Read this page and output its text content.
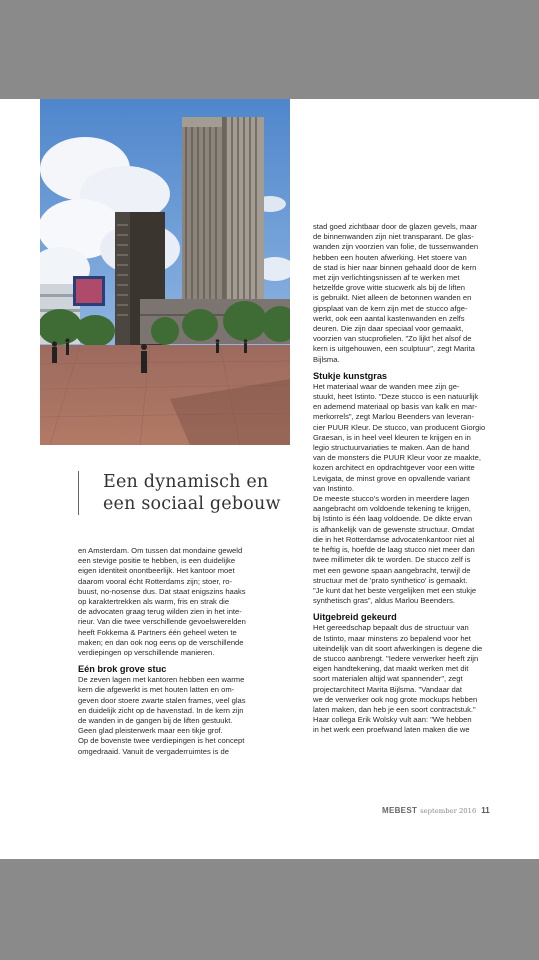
Een dynamisch en
een sociaal gebouw

en Amsterdam. Om tussen dat mondaine geweld

een stevige positie te hebben, is een duidelijke

eigen identiteit onontbeerlijk. Het kantoor moet

daarom vooral écht Rotterdams zijn; stoer, ro-

buust, no-nosense dus. Dat staat enigszins haaks

op karaktertrekken als warm, fris en strak die

de advocaten graag terug wilden zien in het inte-

rieur. Van die twee verschillende gevoelswerelden

heeft Fokkema & Partners één geheel weten te

maken; en dan ook nog eens op de verschillende

verdiepingen op verschillende manieren.

Eén brok grove stuc

De zeven lagen met kantoren hebben een warme

kern die afgewerkt is met houten latten en om-

geven door stoere zwarte stalen frames, veel glas

en duidelijk zicht op de havenstad. In de kern zijn

de wanden in de gangen bij de liften gestuukt.

Geen glad pleisterwerk maar een tikje grof.

Op de bovenste twee verdiepingen is het concept

omgedraaid. Vanuit de vergaderruimtes is de

stad goed zichtbaar door de glazen gevels, maar

de binnenwanden zijn niet transparant. De glas-

wanden zijn voorzien van folie, de tussenwanden

hebben een houten afwerking. Het stoere van

de stad is hier naar binnen gehaald door de kern

met zijn verlichtingsnissen af te werken met

hetzelfde grove witte stucwerk als bij de liften

is gebruikt. Niet alleen de betonnen wanden en

gipsplaat van de kern zijn met de stucco afge-

werkt, ook een aantal kastenwanden en zelfs

deuren. Die zijn daar speciaal voor gemaakt,

voorzien van stucprofielen. "Zo lijkt het alsof de

kern is uitgehouwen, een sculptuur", zegt Marita

Bijlsma.

Stukje kunstgras

Het materiaal waar de wanden mee zijn ge-

stuukt, heet Istinto. "Deze stucco is een natuurlijk

en ademend materiaal op basis van kalk en mar-

merkorrels", zegt Marlou Beenders van leveran-

cier PUUR Kleur. De stucco, van producent Giorgio

Graesan, is in heel veel kleuren te krijgen en in

legio structuurvariaties te maken. Aan de hand

van de monsters die PUUR Kleur voor ze maakte,

kozen architect en opdrachtgever voor een witte

Levigata, de minst grove en opvallende variant

van Instinto.

De meeste stucco's worden in meerdere lagen

aangebracht om voldoende tekening te krijgen,

bij Istinto is één laag voldoende. De dikte ervan

is afhankelijk van de gewenste structuur. Omdat

die in het Rotterdamse advocatenkantoor niet al

te heftig is, hoefde de laag stucco niet meer dan

twee millimeter dik te worden. De stucco zelf is

met een gewone spaan aangebracht, terwijl de

structuur met de 'prato synthetico' is gemaakt.

"Je kunt dat het beste vergelijken met een stukje

synthetisch gras", aldus Marlou Beenders.

Uitgebreid gekeurd

Het gereedschap bepaalt dus de structuur van

de Istinto, maar minstens zo bepalend voor het

uiteindelijk van dit soort afwerkingen is degene die

de stucco aanbrengt. "Iedere verwerker heeft zijn

eigen handtekening, dat maakt werken met dit

soort materialen altijd wat spannender", zegt

projectarchitect Marita Bijlsma. "Vandaar dat

we de verwerker ook nog grote mockups hebben

laten maken, dan heb je een soort contractstuk."

Haar collega Erik Wolsky vult aan: "We hebben

in het werk een proefwand laten maken die we

MEBEST september 2016 11
